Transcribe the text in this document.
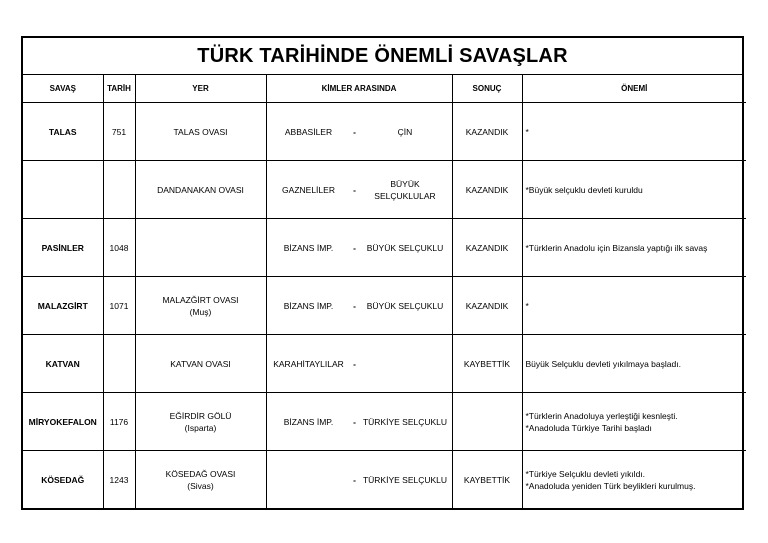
TÜRK TARİHİNDE ÖNEMLİ SAVAŞLAR
SAVAŞ	TARİH	YER	KİMLER ARASINDA	SONUÇ	ÖNEMİ
TALAS	751	TALAS OVASI	ABBASİLER - ÇİN	KAZANDIK	*

		DANDANAKAN OVASI	GAZNELİLER -
BÜYÜK SELÇUKLULAR	KAZANDIK	*Büyük selçuklu devleti kuruldu

PASİNLER	1048		BİZANS İMP. - BÜYÜK SELÇUKLU	KAZANDIK	*Türklerin Anadolu için Bizansla yaptığı ilk savaş

MALAZGİRT	1071	MALAZĞİRT OVASI
(Muş)	BİZANS İMP. - BÜYÜK SELÇUKLU	KAZANDIK	*

KATVAN		KATVAN OVASI	KARAHİTAYLILAR -	KAYBETTİK	Büyük Selçuklu devleti yıkılmaya başladı.

MİRYOKEFALON	1176	EĞİRDİR GÖLÜ
(Isparta)	BİZANS İMP. - TÜRKİYE SELÇUKLU		*Türklerin Anadoluya yerleştiği kesnleşti.
*Anadoluda Türkiye Tarihi başladı

KÖSEDAĞ	1243	KÖSEDAĞ OVASI
(Sivas)	- TÜRKİYE SELÇUKLU	KAYBETTİK	*Türkiye Selçuklu devleti yıkıldı.
*Anadoluda yeniden Türk beylikleri kurulmuş.
